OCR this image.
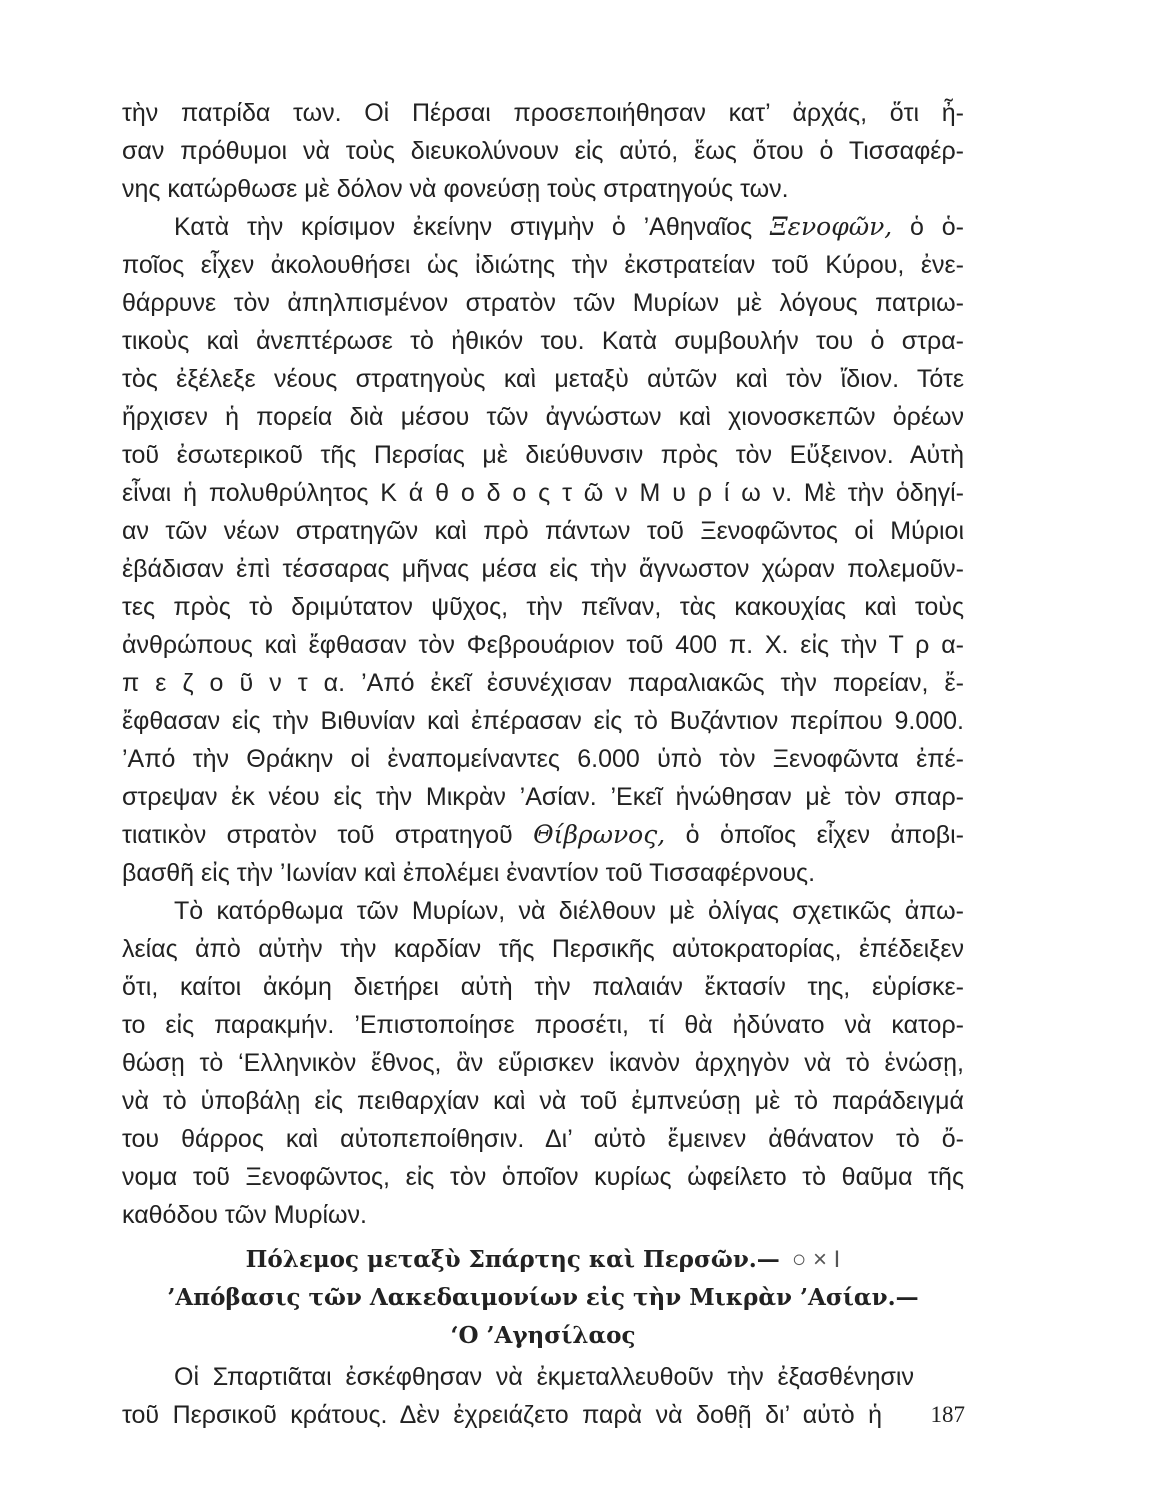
τὴν πατρίδα των. Οἱ Πέρσαι προσεποιήθησαν κατ’ ἀρχάς, ὅτι ἦ-
σαν πρόθυμοι νὰ τοὺς διευκολύνουν εἰς αὐτό, ἕως ὅτου ὁ Τισσαφέρ-
νης κατώρθωσε μὲ δόλον νὰ φονεύσῃ τοὺς στρατηγούς των.
Κατὰ τὴν κρίσιμον ἐκείνην στιγμὴν ὁ ’Αθηναῖος Ξενοφῶν, ὁ ὁ-
ποῖος εἶχεν ἀκολουθήσει ὡς ἰδιώτης τὴν ἐκστρατείαν τοῦ Κύρου, ἐνε-
θάρρυνε τὸν ἀπηλπισμένον στρατὸν τῶν Μυρίων μὲ λόγους πατριω-
τικοὺς καὶ ἀνεπτέρωσε τὸ ἠθικόν του. Κατὰ συμβουλήν του ὁ στρα-
τὸς ἐξέλεξε νέους στρατηγοὺς καὶ μεταξὺ αὐτῶν καὶ τὸν ἴδιον. Τότε
ἤρχισεν ἡ πορεία διὰ μέσου τῶν ἀγνώστων καὶ χιονοσκεπῶν ὀρέων
τοῦ ἐσωτερικοῦ τῆς Περσίας μὲ διεύθυνσιν πρὸς τὸν Εὔξεινον. Αὐτὴ
εἶναι ἡ πολυθρύλητος Κ ά θ ο δ ο ς τ ῶ ν Μ υ ρ ί ω ν. Μὲ τὴν ὁδηγί-
αν τῶν νέων στρατηγῶν καὶ πρὸ πάντων τοῦ Ξενοφῶντος οἱ Μύριοι
ἐβάδισαν ἐπὶ τέσσαρας μῆνας μέσα εἰς τὴν ἄγνωστον χώραν πολεμοῦν-
τες πρὸς τὸ δριμύτατον ψῦχος, τὴν πεῖναν, τὰς κακουχίας καὶ τοὺς
ἀνθρώπους καὶ ἔφθασαν τὸν Φεβρουάριον τοῦ 400 π. Χ. εἰς τὴν Τ ρ α-
π ε ζ ο ῦ ν τ α. ’Από ἐκεῖ ἐσυνέχισαν παραλιακῶς τὴν πορείαν, ἔ-
ἔφθασαν εἰς τὴν Βιθυνίαν καὶ ἐπέρασαν εἰς τὸ Βυζάντιον περίπου 9.000.
’Από τὴν Θράκην οἱ ἐναπομείναντες 6.000 ὑπὸ τὸν Ξενοφῶντα ἐπέ-
στρεψαν ἐκ νέου εἰς τὴν Μικρὰν ’Ασίαν. ’Εκεῖ ἡνώθησαν μὲ τὸν σπαρ-
τιατικὸν στρατὸν τοῦ στρατηγοῦ Θίβρωνος, ὁ ὁποῖος εἶχεν ἀποβι-
βασθῆ εἰς τὴν ’Ιωνίαν καὶ ἐπολέμει ἐναντίον τοῦ Τισσαφέρνους.
Τὸ κατόρθωμα τῶν Μυρίων, νὰ διέλθουν μὲ ὀλίγας σχετικῶς ἀπω-
λείας ἀπὸ αὐτὴν τὴν καρδίαν τῆς Περσικῆς αὐτοκρατορίας, ἐπέδειξεν
ὅτι, καίτοι ἀκόμη διετήρει αὐτὴ τὴν παλαιάν ἔκτασίν της, εὑρίσκε-
το εἰς παρακμήν. ’Επιστοποίησε προσέτι, τί θὰ ἠδύνατο νὰ κατορ-
θώσῃ τὸ ‘Ελληνικὸν ἔθνος, ἂν εὕρισκεν ἱκανὸν ἀρχηγὸν νὰ τὸ ἑνώσῃ,
νὰ τὸ ὑποβάλῃ εἰς πειθαρχίαν καὶ νὰ τοῦ ἐμπνεύσῃ μὲ τὸ παράδειγμά
του θάρρος καὶ αὐτοπεποίθησιν. Δι’ αὐτὸ ἔμεινεν ἀθάνατον τὸ ὄ-
νομα τοῦ Ξενοφῶντος, εἰς τὸν ὁποῖον κυρίως ὠφείλετο τὸ θαῦμα τῆς
καθόδου τῶν Μυρίων.
Πόλεμος μεταξὺ Σπάρτης καὶ Περσῶν.— ○ × Ι
’Απόβασις τῶν Λακεδαιμονίων εἰς τὴν Μικρὰν ’Ασίαν.—
‘Ο ’Αγησίλαος
Οἱ Σπαρτιᾶται ἐσκέφθησαν νὰ ἐκμεταλλευθοῦν τὴν ἐξασθένησιν
187
τοῦ Περσικοῦ κράτους. Δὲν ἐχρειάζετο παρὰ νὰ δοθῇ δι’ αὐτὸ ἡ
